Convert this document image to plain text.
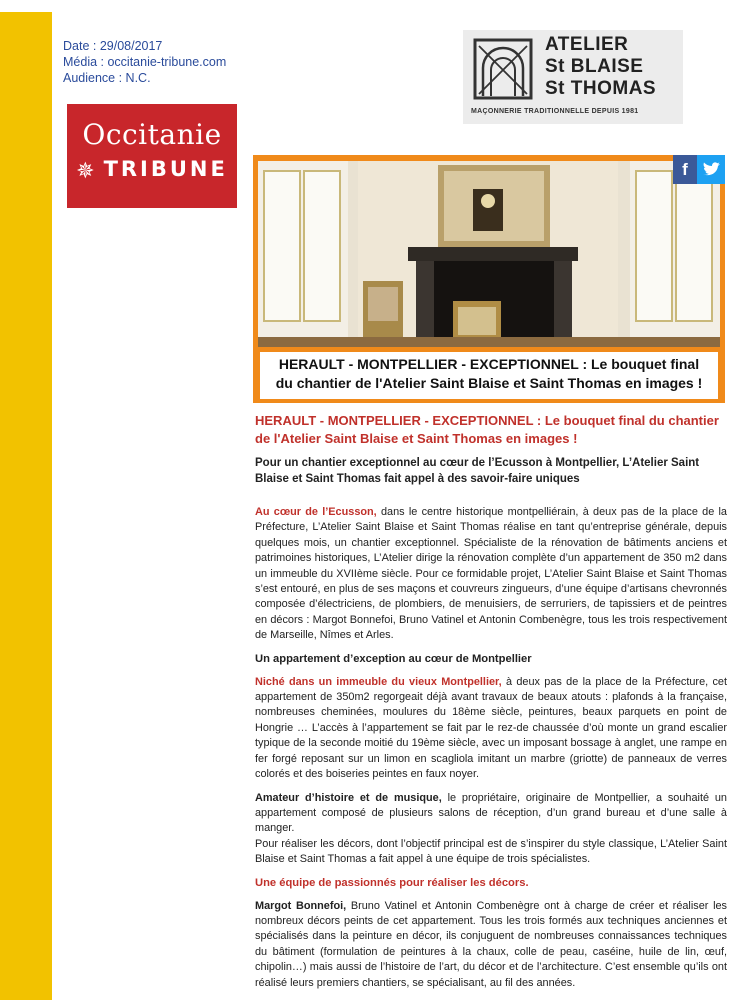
Date : 29/08/2017
Média : occitanie-tribune.com
Audience : N.C.
Occitanie
✵ TRIBUNE
ATELIER
St BLAISE
St THOMAS
MAÇONNERIE TRADITIONNELLE DEPUIS 1981
f
HERAULT - MONTPELLIER - EXCEPTIONNEL : Le bouquet final
du chantier de l'Atelier Saint Blaise et Saint Thomas en images !
HERAULT - MONTPELLIER - EXCEPTIONNEL : Le bouquet final du chantier de l'Atelier Saint Blaise et Saint Thomas en images !
Pour un chantier exceptionnel au cœur de l’Ecusson à Montpellier, L’Atelier Saint Blaise et Saint Thomas fait appel à des savoir-faire uniques
Au cœur de l’Ecusson, dans le centre historique montpelliérain, à deux pas de la place de la Préfecture, L’Atelier Saint Blaise et Saint Thomas réalise en tant qu’entreprise générale, depuis quelques mois, un chantier exceptionnel. Spécialiste de la rénovation de bâtiments anciens et patrimoines historiques, L’Atelier dirige la rénovation complète d’un appartement de 350 m2 dans un immeuble du XVIIème siècle. Pour ce formidable projet, L’Atelier Saint Blaise et Saint Thomas s’est entouré, en plus de ses maçons et couvreurs zingueurs, d’une équipe d’artisans chevronnés composée d’électriciens, de plombiers, de menuisiers, de serruriers, de tapissiers et de peintres en décors : Margot Bonnefoi, Bruno Vatinel et Antonin Combenègre, tous les trois respectivement de Marseille, Nîmes et Arles.
Un appartement d’exception au cœur de Montpellier
Niché dans un immeuble du vieux Montpellier, à deux pas de la place de la Préfecture, cet appartement de 350m2 regorgeait déjà avant travaux de beaux atouts : plafonds à la française, nombreuses cheminées, moulures du 18ème siècle, peintures, beaux parquets en point de Hongrie … L’accès à l’appartement se fait par le rez-de chaussée d’où monte un grand escalier typique de la seconde moitié du 19ème siècle, avec un imposant bossage à anglet, une rampe en fer forgé reposant sur un limon en scagliola imitant un marbre (griotte) de panneaux de verres colorés et des boiseries peintes en faux noyer.
Amateur d’histoire et de musique, le propriétaire, originaire de Montpellier, a souhaité un appartement composé de plusieurs salons de réception, d’un grand bureau et d’une salle à manger.
Pour réaliser les décors, dont l’objectif principal est de s’inspirer du style classique, L’Atelier Saint Blaise et Saint Thomas a fait appel à une équipe de trois spécialistes.
Une équipe de passionnés pour réaliser les décors.
Margot Bonnefoi, Bruno Vatinel et Antonin Combenègre ont à charge de créer et réaliser les nombreux décors peints de cet appartement. Tous les trois formés aux techniques anciennes et spécialisés dans la peinture en décor, ils conjuguent de nombreuses connaissances techniques du bâtiment (formulation de peintures à la chaux, colle de peau, caséine, huile de lin, œuf, chipolin…) mais aussi de l’histoire de l’art, du décor et de l’architecture. C’est ensemble qu’ils ont réalisé leurs premiers chantiers, se spécialisant, au fil des années.
